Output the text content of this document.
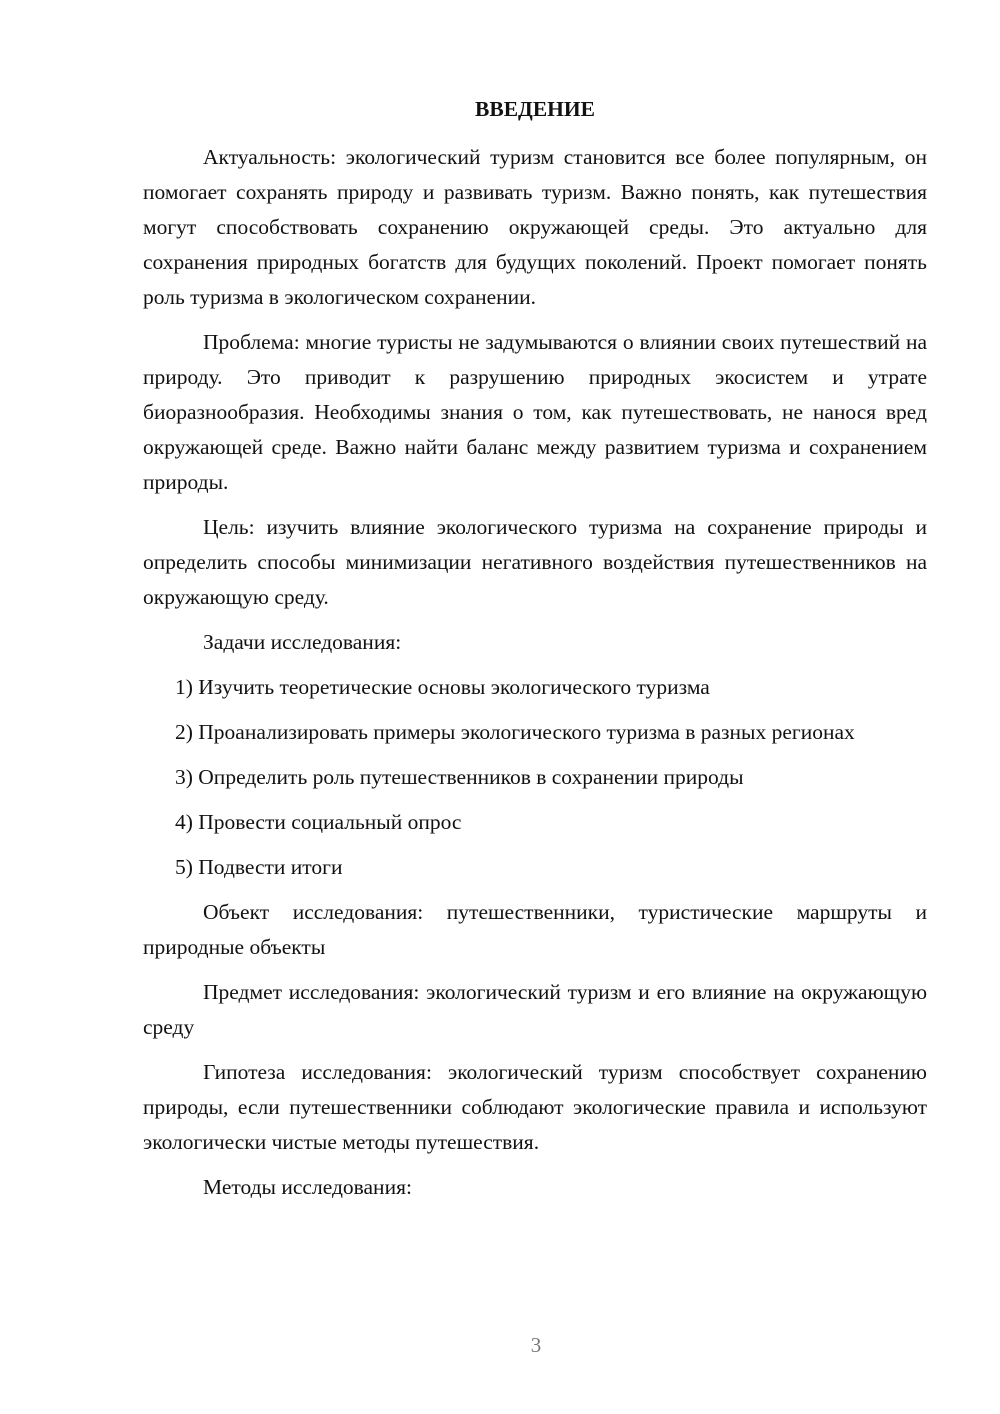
ВВЕДЕНИЕ

Актуальность: экологический туризм становится все более популярным, он помогает сохранять природу и развивать туризм. Важно понять, как путешествия могут способствовать сохранению окружающей среды. Это актуально для сохранения природных богатств для будущих поколений. Проект помогает понять роль туризма в экологическом сохранении.

Проблема: многие туристы не задумываются о влиянии своих путешествий на природу. Это приводит к разрушению природных экосистем и утрате биоразнообразия. Необходимы знания о том, как путешествовать, не нанося вред окружающей среде. Важно найти баланс между развитием туризма и сохранением природы.

Цель: изучить влияние экологического туризма на сохранение природы и определить способы минимизации негативного воздействия путешественников на окружающую среду.

Задачи исследования:

1) Изучить теоретические основы экологического туризма

2) Проанализировать примеры экологического туризма в разных регионах

3) Определить роль путешественников в сохранении природы

4) Провести социальный опрос

5) Подвести итоги

Объект исследования: путешественники, туристические маршруты и природные объекты

Предмет исследования: экологический туризм и его влияние на окружающую среду

Гипотеза исследования: экологический туризм способствует сохранению природы, если путешественники соблюдают экологические правила и используют экологически чистые методы путешествия.

Методы исследования:

3
